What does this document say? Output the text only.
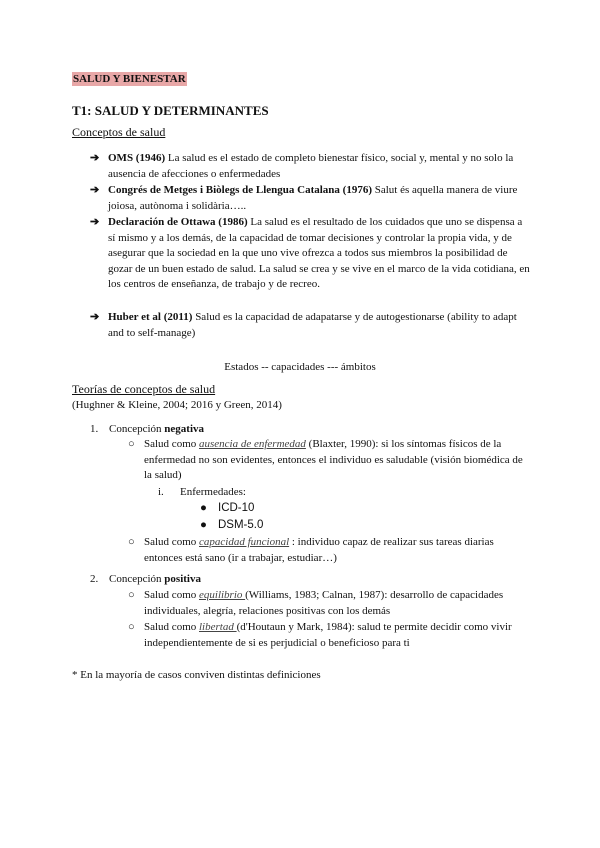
SALUD Y BIENESTAR
T1: SALUD Y DETERMINANTES
Conceptos de salud
➔ OMS (1946) La salud es el estado de completo bienestar físico, social y, mental y no solo la ausencia de afecciones o enfermedades
➔ Congrés de Metges i Biòlegs de Llengua Catalana (1976) Salut és aquella manera de viure joiosa, autònoma i solidària…..
➔ Declaración de Ottawa (1986) La salud es el resultado de los cuidados que uno se dispensa a sí mismo y a los demás, de la capacidad de tomar decisiones y controlar la propia vida, y de asegurar que la sociedad en la que uno vive ofrezca a todos sus miembros la posibilidad de gozar de un buen estado de salud. La salud se crea y se vive en el marco de la vida cotidiana, en los centros de enseñanza, de trabajo y de recreo.
➔ Huber et al (2011) Salud es la capacidad de adapatarse y de autogestionarse (ability to adapt and to self-manage)
Estados -- capacidades --- ámbitos
Teorías de conceptos de salud
(Hughner & Kleine, 2004; 2016 y Green, 2014)
1. Concepción negativa
○ Salud como ausencia de enfermedad (Blaxter, 1990): si los síntomas físicos de la enfermedad no son evidentes, entonces el individuo es saludable (visión biomédica de la salud)
i. Enfermedades:
● ICD-10
● DSM-5.0
○ Salud como capacidad funcional : individuo capaz de realizar sus tareas diarias entonces está sano (ir a trabajar, estudiar…)
2. Concepción positiva
○ Salud como equilibrio (Williams, 1983; Calnan, 1987): desarrollo de capacidades individuales, alegría, relaciones positivas con los demás
○ Salud como libertad (d'Houtaun y Mark, 1984): salud te permite decidir como vivir independientemente de si es perjudicial o beneficioso para ti
* En la mayoría de casos conviven distintas definiciones
